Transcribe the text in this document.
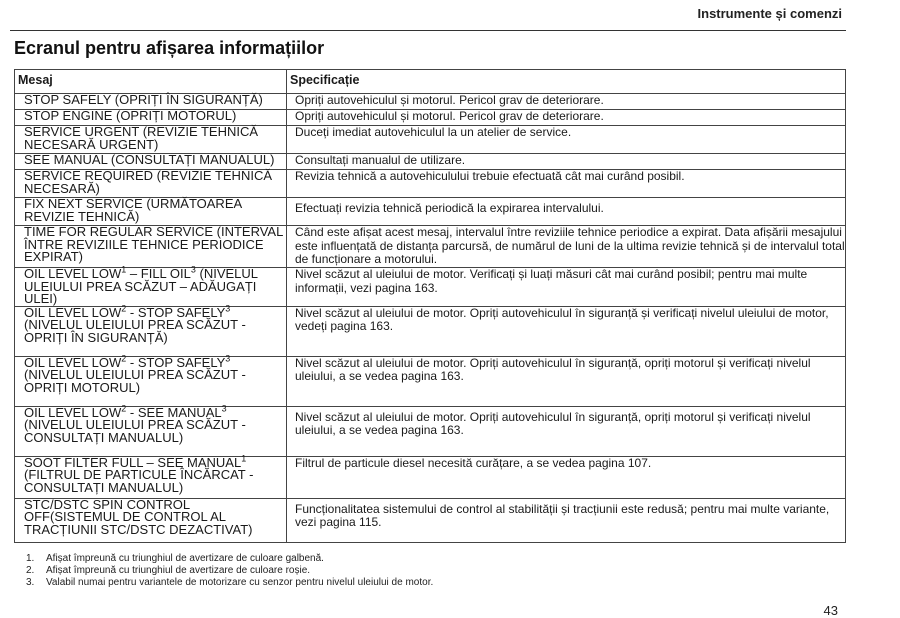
Instrumente și comenzi
Ecranul pentru afișarea informațiilor
Mesaj	Specificație
STOP SAFELY (OPRIȚI ÎN SIGURANȚĂ)	Opriți autovehiculul și motorul. Pericol grav de deteriorare.
STOP ENGINE (OPRIȚI MOTORUL)	Opriți autovehiculul și motorul. Pericol grav de deteriorare.
SERVICE URGENT (REVIZIE TEHNICĂ NECESARĂ URGENT)	Duceți imediat autovehiculul la un atelier de service.
SEE MANUAL (CONSULTAȚI MANUALUL)	Consultați manualul de utilizare.
SERVICE REQUIRED (REVIZIE TEHNICĂ NECESARĂ)	Revizia tehnică a autovehiculului trebuie efectuată cât mai curând posibil.
FIX NEXT SERVICE (URMĂTOAREA REVIZIE TEHNICĂ)	Efectuați revizia tehnică periodică la expirarea intervalului.
TIME FOR REGULAR SERVICE (INTERVAL ÎNTRE REVIZIILE TEHNICE PERIODICE EXPIRAT)	Când este afișat acest mesaj, intervalul între reviziile tehnice periodice a expirat. Data afișării mesajului este influențată de distanța parcursă, de numărul de luni de la ultima revizie tehnică și de intervalul total de funcționare a motorului.
OIL LEVEL LOW$^1$ – FILL OIL$^3$ (NIVELUL ULEIULUI PREA SCĂZUT – ADĂUGAȚI ULEI)	Nivel scăzut al uleiului de motor. Verificați și luați măsuri cât mai curând posibil; pentru mai multe informații, vezi pagina 163.
OIL LEVEL LOW$^2$ - STOP SAFELY$^3$ (NIVELUL ULEIULUI PREA SCĂZUT - OPRIȚI ÎN SIGURANȚĂ)	Nivel scăzut al uleiului de motor. Opriți autovehiculul în siguranță și verificați nivelul uleiului de motor, vedeți pagina 163.
OIL LEVEL LOW$^2$ - STOP SAFELY$^3$ (NIVELUL ULEIULUI PREA SCĂZUT - OPRIȚI MOTORUL)	Nivel scăzut al uleiului de motor. Opriți autovehiculul în siguranță, opriți motorul și verificați nivelul uleiului, a se vedea pagina 163.
OIL LEVEL LOW$^2$ - SEE MANUAL$^3$ (NIVELUL ULEIULUI PREA SCĂZUT - CONSULTAȚI MANUALUL)	Nivel scăzut al uleiului de motor. Opriți autovehiculul în siguranță, opriți motorul și verificați nivelul uleiului, a se vedea pagina 163.
SOOT FILTER FULL – SEE MANUAL$^1$ (FILTRUL DE PARTICULE ÎNCĂRCAT - CONSULTAȚI MANUALUL)	Filtrul de particule diesel necesită curățare, a se vedea pagina 107.
STC/DSTC SPIN CONTROL OFF(SISTEMUL DE CONTROL AL TRACȚIUNII STC/DSTC DEZACTIVAT)	Funcționalitatea sistemului de control al stabilității și tracțiunii este redusă; pentru mai multe variante, vezi pagina 115.
1.	Afișat împreună cu triunghiul de avertizare de culoare galbenă.
2.	Afișat împreună cu triunghiul de avertizare de culoare roșie.
3.	Valabil numai pentru variantele de motorizare cu senzor pentru nivelul uleiului de motor.
43
